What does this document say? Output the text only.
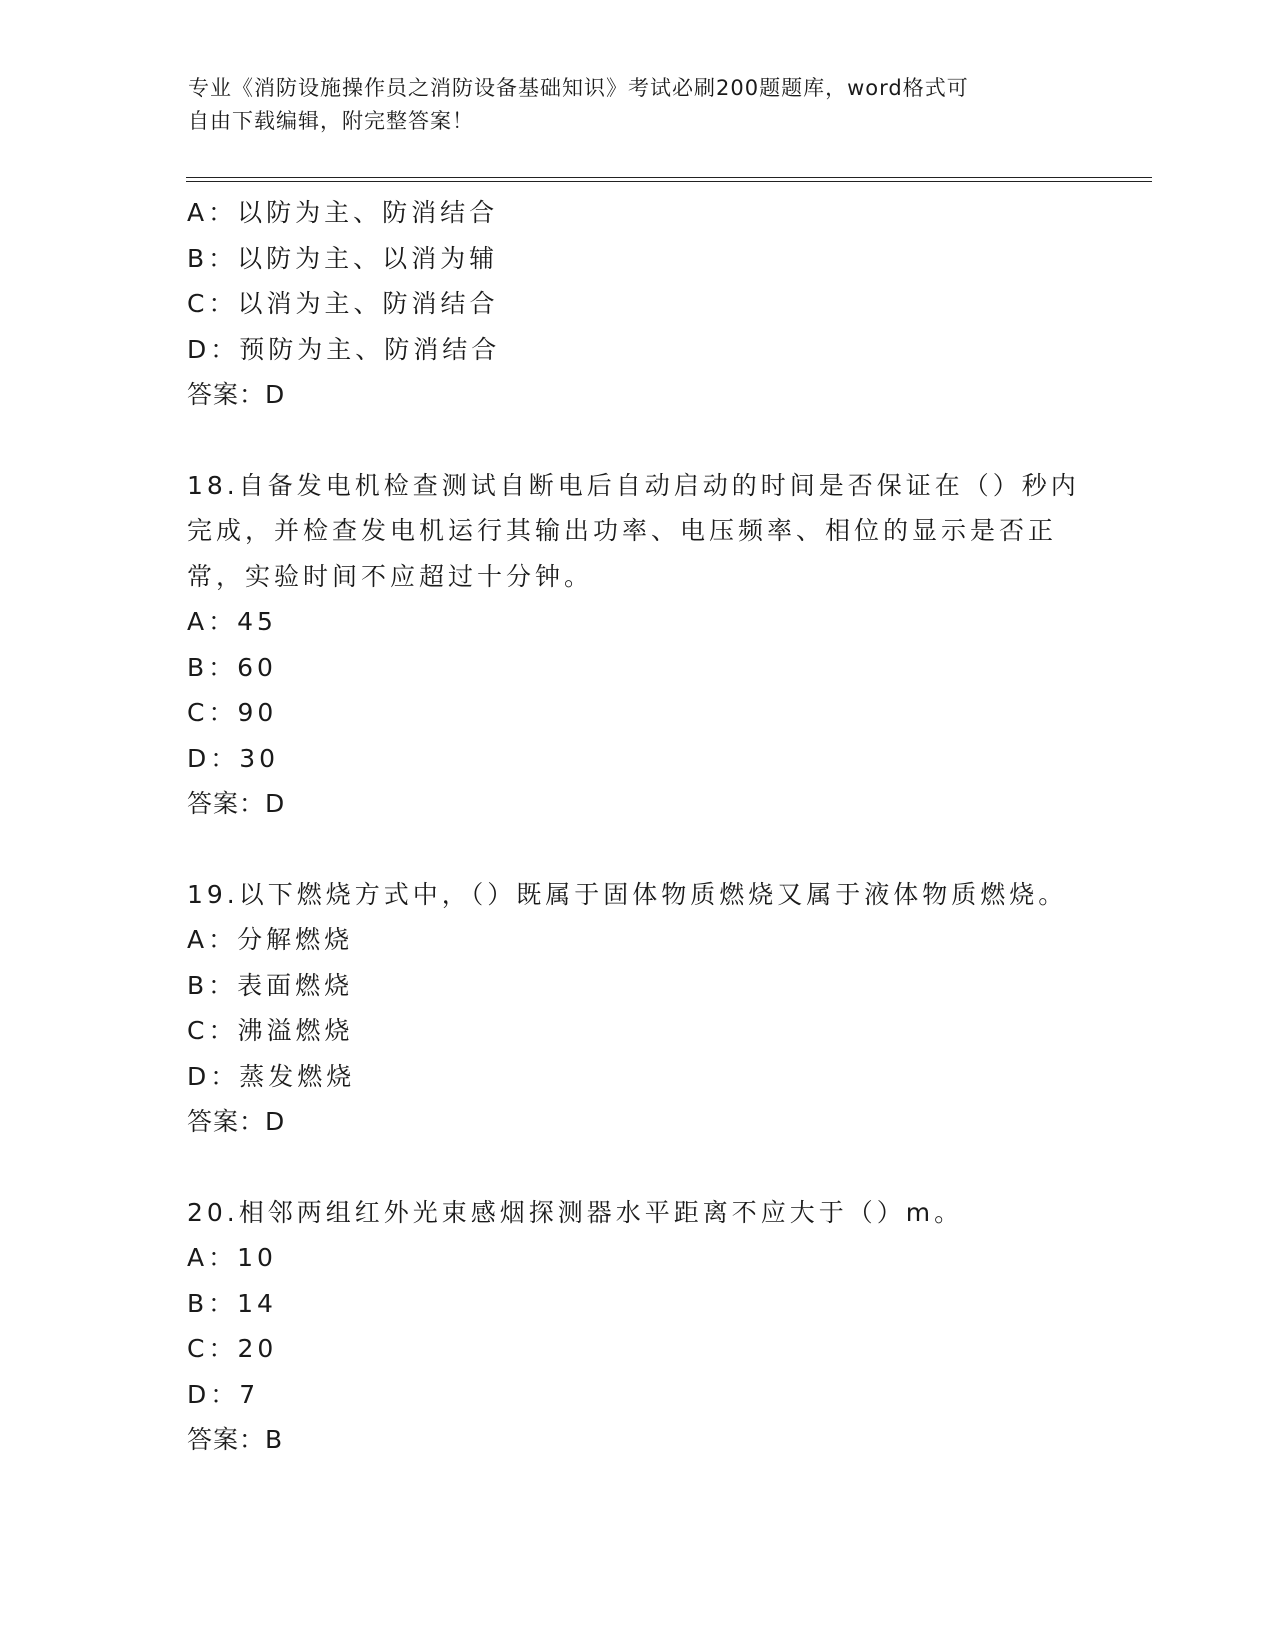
专业《消防设施操作员之消防设备基础知识》考试必刷200题题库，word格式可
自由下载编辑，附完整答案！
A：以防为主、防消结合
B：以防为主、以消为辅
C：以消为主、防消结合
D：预防为主、防消结合
答案：D
18.自备发电机检查测试自断电后自动启动的时间是否保证在（）秒内
完成，并检查发电机运行其输出功率、电压频率、相位的显示是否正
常，实验时间不应超过十分钟。
A：45
B：60
C：90
D：30
答案：D
19.以下燃烧方式中，（）既属于固体物质燃烧又属于液体物质燃烧。
A：分解燃烧
B：表面燃烧
C：沸溢燃烧
D：蒸发燃烧
答案：D
20.相邻两组红外光束感烟探测器水平距离不应大于（）m。
A：10
B：14
C：20
D：7
答案：B
